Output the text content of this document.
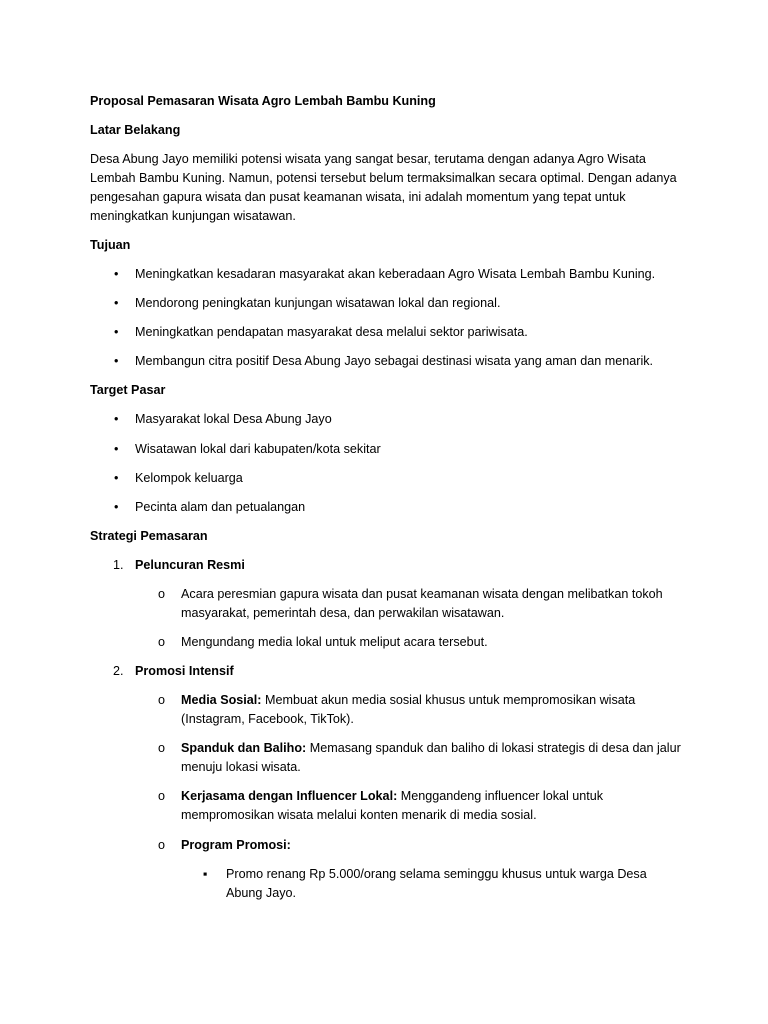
Proposal Pemasaran Wisata Agro Lembah Bambu Kuning
Latar Belakang
Desa Abung Jayo memiliki potensi wisata yang sangat besar, terutama dengan adanya Agro Wisata
Lembah Bambu Kuning. Namun, potensi tersebut belum termaksimalkan secara optimal. Dengan adanya
pengesahan gapura wisata dan pusat keamanan wisata, ini adalah momentum yang tepat untuk
meningkatkan kunjungan wisatawan.
Tujuan
• Meningkatkan kesadaran masyarakat akan keberadaan Agro Wisata Lembah Bambu Kuning.
• Mendorong peningkatan kunjungan wisatawan lokal dan regional.
• Meningkatkan pendapatan masyarakat desa melalui sektor pariwisata.
• Membangun citra positif Desa Abung Jayo sebagai destinasi wisata yang aman dan menarik.
Target Pasar
• Masyarakat lokal Desa Abung Jayo
• Wisatawan lokal dari kabupaten/kota sekitar
• Kelompok keluarga
• Pecinta alam dan petualangan
Strategi Pemasaran
1. Peluncuran Resmi
o Acara peresmian gapura wisata dan pusat keamanan wisata dengan melibatkan tokoh
masyarakat, pemerintah desa, dan perwakilan wisatawan.
o Mengundang media lokal untuk meliput acara tersebut.
2. Promosi Intensif
o Media Sosial: Membuat akun media sosial khusus untuk mempromosikan wisata
(Instagram, Facebook, TikTok).
o Spanduk dan Baliho: Memasang spanduk dan baliho di lokasi strategis di desa dan jalur
menuju lokasi wisata.
o Kerjasama dengan Influencer Lokal: Menggandeng influencer lokal untuk
mempromosikan wisata melalui konten menarik di media sosial.
o Program Promosi:
▪ Promo renang Rp 5.000/orang selama seminggu khusus untuk warga Desa
Abung Jayo.
